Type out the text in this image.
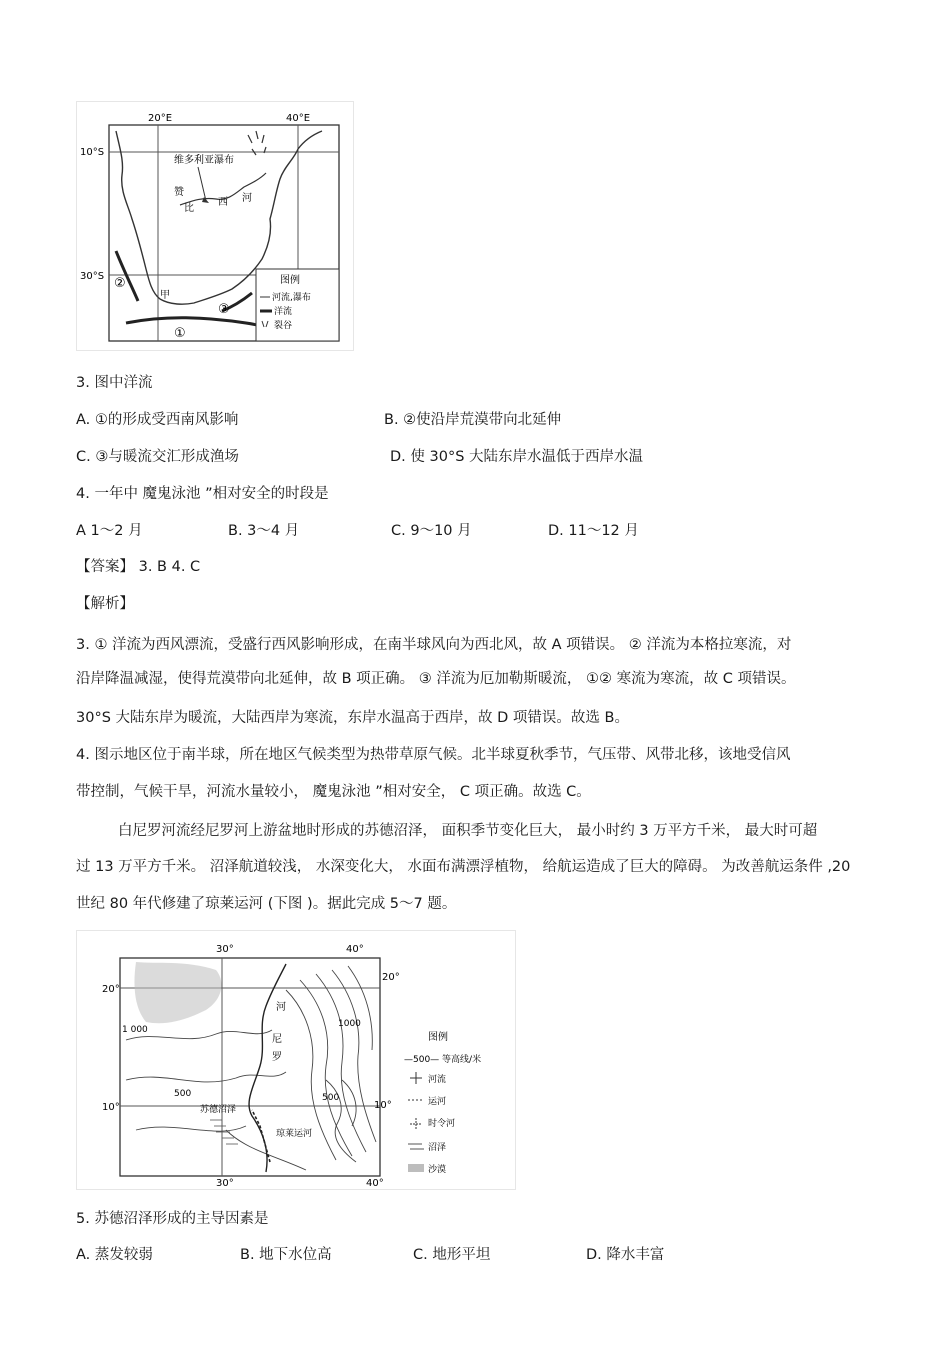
20°E	40°E
10°S
30°S
维多利亚瀑布
赞
比
西 河
甲
②
①
③
图例
河流,瀑布
洋流
裂谷
3. 图中洋流
A. ①的形成受西南风影响	B. ②使沿岸荒漠带向北延伸
C. ③与暖流交汇形成渔场	D. 使 30°S 大陆东岸水温低于西岸水温
4. 一年中 魔鬼泳池 ”相对安全的时段是
A 1～2 月	B. 3～4 月	C. 9～10 月	D. 11～12 月
【答案】 3. B 4. C
【解析】
3. ① 洋流为西风漂流，受盛行西风影响形成，在南半球风向为西北风，故 A 项错误。 ② 洋流为本格拉寒流，对
沿岸降温减湿，使得荒漠带向北延伸，故 B 项正确。 ③ 洋流为厄加勒斯暖流， ①② 寒流为寒流，故 C 项错误。
30°S 大陆东岸为暖流，大陆西岸为寒流，东岸水温高于西岸，故 D 项错误。故选 B。
4. 图示地区位于南半球，所在地区气候类型为热带草原气候。北半球夏秋季节，气压带、风带北移，该地受信风
带控制，气候干旱，河流水量较小， 魔鬼泳池 ”相对安全， C 项正确。故选 C。
白尼罗河流经尼罗河上游盆地时形成的苏德沼泽， 面积季节变化巨大， 最小时约 3 万平方千米， 最大时可超
过 13 万平方千米。 沼泽航道较浅， 水深变化大， 水面布满漂浮植物， 给航运造成了巨大的障碍。 为改善航运条件 ,20
世纪 80 年代修建了琼莱运河 (下图 )。据此完成 5～7 题。
30°	40°
30°	40°
20°
20°
10°	10°
1 000
500
1000
500
苏德沼泽
琼莱运河
尼
罗
河
图例
—500— 等高线/米
河流
运河
时令河
沼泽
沙漠
5. 苏德沼泽形成的主导因素是
A. 蒸发较弱	B. 地下水位高	C. 地形平坦	D. 降水丰富
